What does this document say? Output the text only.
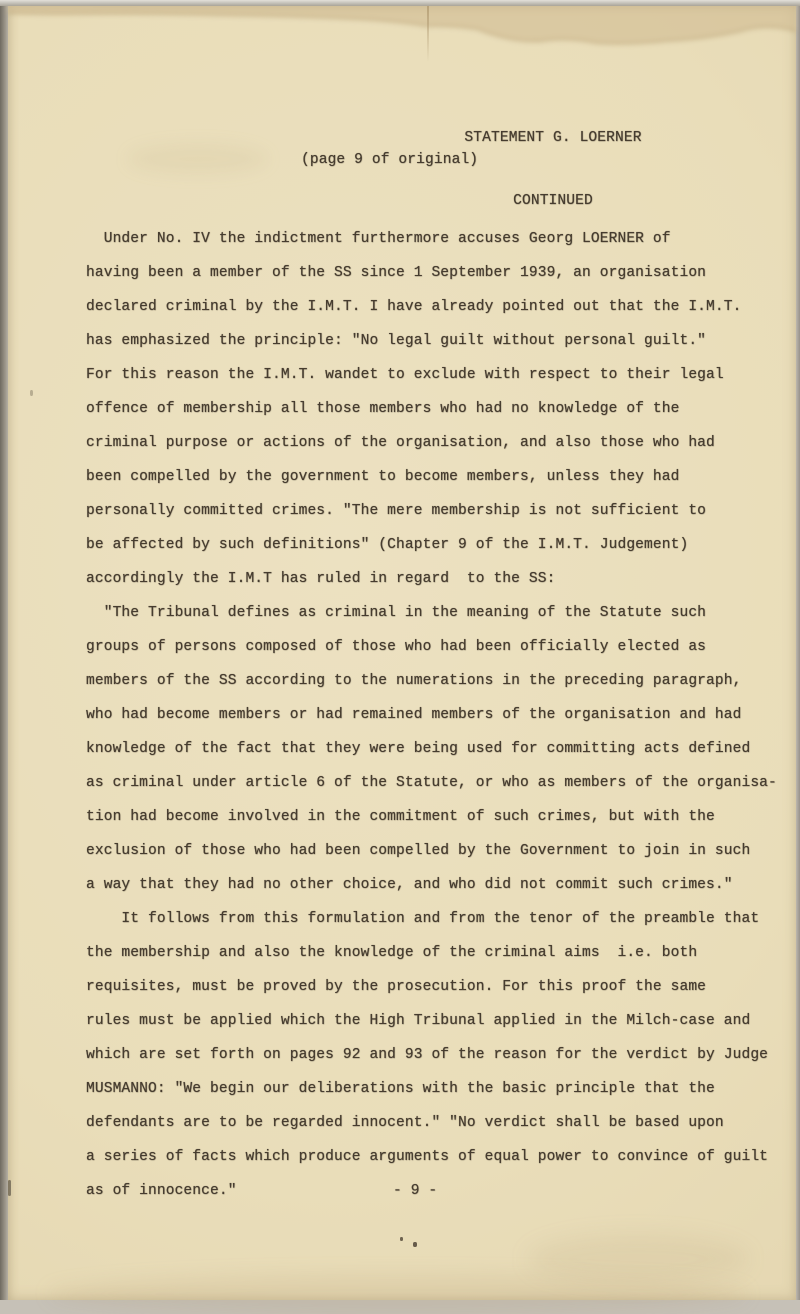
STATEMENT G. LOERNER

CONTINUED

(page 9 of original)
Under No. IV the indictment furthermore accuses Georg LOERNER of
having been a member of the SS since 1 September 1939, an organisation
declared criminal by the I.M.T. I have already pointed out that the I.M.T.
has emphasized the principle: "No legal guilt without personal guilt."
For this reason the I.M.T. wandet to exclude with respect to their legal
offence of membership all those members who had no knowledge of the
criminal purpose or actions of the organisation, and also those who had
been compelled by the government to become members, unless they had
personally committed crimes. "The mere membership is not sufficient to
be affected by such definitions" (Chapter 9 of the I.M.T. Judgement)
accordingly the I.M.T has ruled in regard  to the SS:
"The Tribunal defines as criminal in the meaning of the Statute such
groups of persons composed of those who had been officially elected as
members of the SS according to the numerations in the preceding paragraph,
who had become members or had remained members of the organisation and had
knowledge of the fact that they were being used for committing acts defined
as criminal under article 6 of the Statute, or who as members of the organisa-
tion had become involved in the commitment of such crimes, but with the
exclusion of those who had been compelled by the Government to join in such
a way that they had no other choice, and who did not commit such crimes."
It follows from this formulation and from the tenor of the preamble that
the membership and also the knowledge of the criminal aims  i.e. both
requisites, must be proved by the prosecution. For this proof the same
rules must be applied which the High Tribunal applied in the Milch-case and
which are set forth on pages 92 and 93 of the reason for the verdict by Judge
MUSMANNO: "We begin our deliberations with the basic principle that the
defendants are to be regarded innocent." "No verdict shall be based upon
a series of facts which produce arguments of equal power to convince of guilt
as of innocence."	- 9 -
